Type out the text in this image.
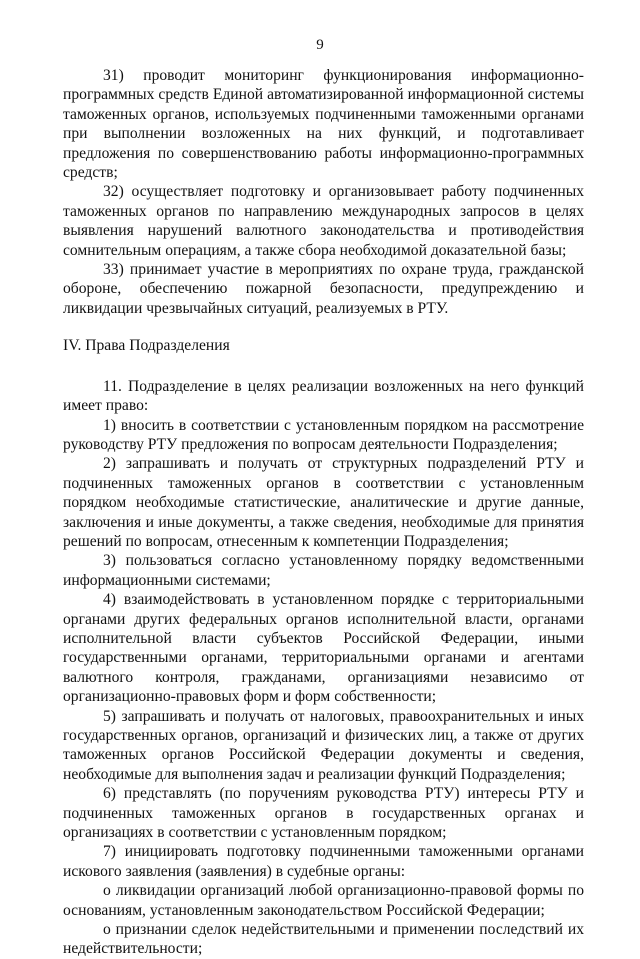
9

31) проводит мониторинг функционирования информационно-программных средств Единой автоматизированной информационной системы таможенных органов, используемых подчиненными таможенными органами при выполнении возложенных на них функций, и подготавливает предложения по совершенствованию работы информационно-программных средств;

32) осуществляет подготовку и организовывает работу подчиненных таможенных органов по направлению международных запросов в целях выявления нарушений валютного законодательства и противодействия сомнительным операциям, а также сбора необходимой доказательной базы;

33) принимает участие в мероприятиях по охране труда, гражданской обороне, обеспечению пожарной безопасности, предупреждению и ликвидации чрезвычайных ситуаций, реализуемых в РТУ.

IV. Права Подразделения

11. Подразделение в целях реализации возложенных на него функций имеет право:

1) вносить в соответствии с установленным порядком на рассмотрение руководству РТУ предложения по вопросам деятельности Подразделения;

2) запрашивать и получать от структурных подразделений РТУ и подчиненных таможенных органов в соответствии с установленным порядком необходимые статистические, аналитические и другие данные, заключения и иные документы, а также сведения, необходимые для принятия решений по вопросам, отнесенным к компетенции Подразделения;

3) пользоваться согласно установленному порядку ведомственными информационными системами;

4) взаимодействовать в установленном порядке с территориальными органами других федеральных органов исполнительной власти, органами исполнительной власти субъектов Российской Федерации, иными государственными органами, территориальными органами и агентами валютного контроля, гражданами, организациями независимо от организационно-правовых форм и форм собственности;

5) запрашивать и получать от налоговых, правоохранительных и иных государственных органов, организаций и физических лиц, а также от других таможенных органов Российской Федерации документы и сведения, необходимые для выполнения задач и реализации функций Подразделения;

6) представлять (по поручениям руководства РТУ) интересы РТУ и подчиненных таможенных органов в государственных органах и организациях в соответствии с установленным порядком;

7) инициировать подготовку подчиненными таможенными органами искового заявления (заявления) в судебные органы:

о ликвидации организаций любой организационно-правовой формы по основаниям, установленным законодательством Российской Федерации;

о признании сделок недействительными и применении последствий их недействительности;
